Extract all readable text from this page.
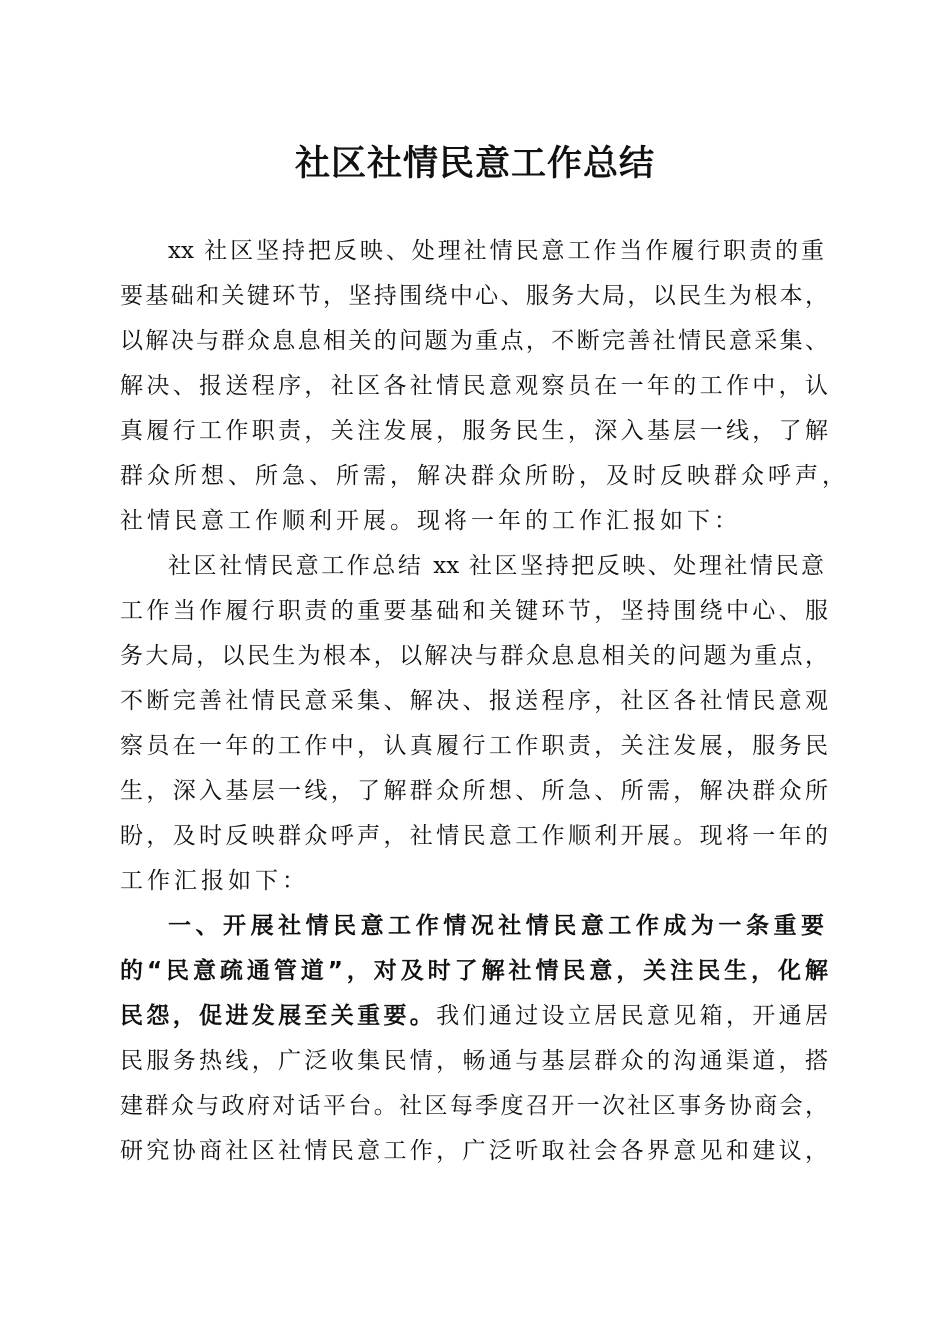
社区社情民意工作总结
xx 社区坚持把反映、处理社情民意工作当作履行职责的重
要基础和关键环节，坚持围绕中心、服务大局，以民生为根本，
以解决与群众息息相关的问题为重点，不断完善社情民意采集、
解决、报送程序，社区各社情民意观察员在一年的工作中，认
真履行工作职责，关注发展，服务民生，深入基层一线，了解
群众所想、所急、所需，解决群众所盼，及时反映群众呼声，
社情民意工作顺利开展。现将一年的工作汇报如下：
社区社情民意工作总结 xx 社区坚持把反映、处理社情民意
工作当作履行职责的重要基础和关键环节，坚持围绕中心、服
务大局，以民生为根本，以解决与群众息息相关的问题为重点，
不断完善社情民意采集、解决、报送程序，社区各社情民意观
察员在一年的工作中，认真履行工作职责，关注发展，服务民
生，深入基层一线，了解群众所想、所急、所需，解决群众所
盼，及时反映群众呼声，社情民意工作顺利开展。现将一年的
工作汇报如下：
一、开展社情民意工作情况社情民意工作成为一条重要
的“民意疏通管道”，对及时了解社情民意，关注民生，化解
民怨，促进发展至关重要。我们通过设立居民意见箱，开通居
民服务热线，广泛收集民情，畅通与基层群众的沟通渠道，搭
建群众与政府对话平台。社区每季度召开一次社区事务协商会，
研究协商社区社情民意工作，广泛听取社会各界意见和建议，
